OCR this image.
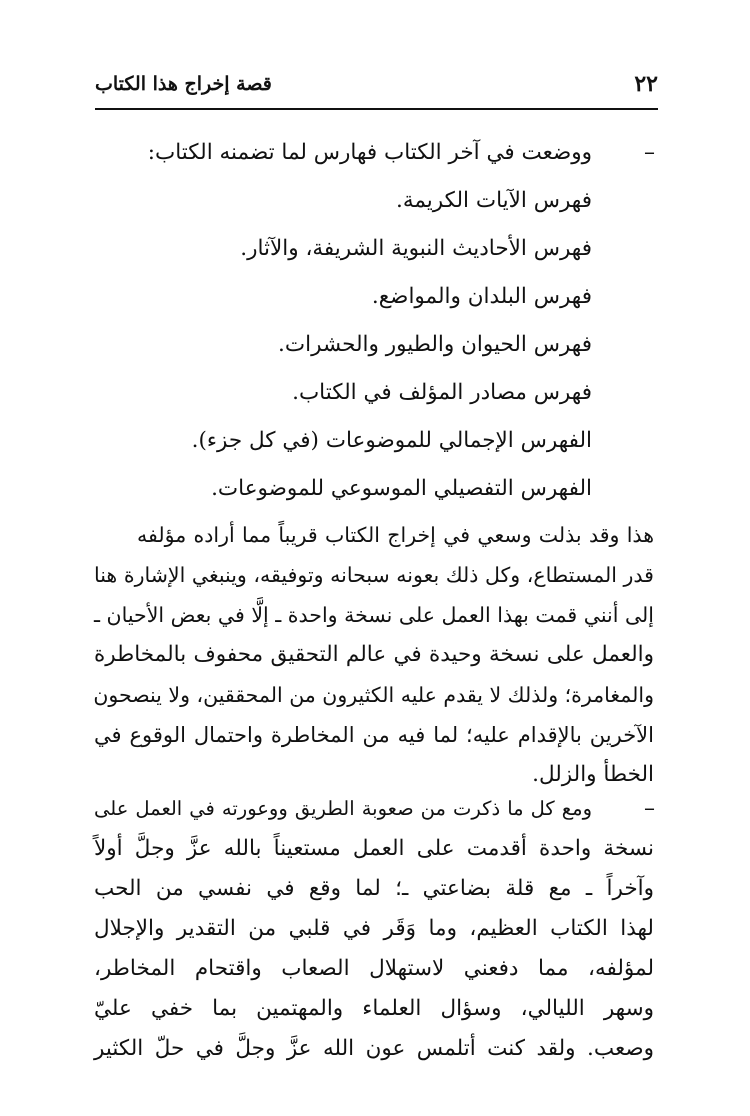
٢٢
قصة إخراج هذا الكتاب
–
ووضعت في آخر الكتاب فهارس لما تضمنه الكتاب:
فهرس الآيات الكريمة.
فهرس الأحاديث النبوية الشريفة، والآثار.
فهرس البلدان والمواضع.
فهرس الحيوان والطيور والحشرات.
فهرس مصادر المؤلف في الكتاب.
الفهرس الإجمالي للموضوعات (في كل جزء).
الفهرس التفصيلي الموسوعي للموضوعات.
هذا وقد بذلت وسعي في إخراج الكتاب قريباً مما أراده مؤلفه
قدر المستطاع، وكل ذلك بعونه سبحانه وتوفيقه، وينبغي الإشارة هنا
إلى أنني قمت بهذا العمل على نسخة واحدة ـ إلَّا في بعض الأحيان ـ
والعمل على نسخة وحيدة في عالم التحقيق محفوف بالمخاطرة
والمغامرة؛ ولذلك لا يقدم عليه الكثيرون من المحققين، ولا ينصحون
الآخرين بالإقدام عليه؛ لما فيه من المخاطرة واحتمال الوقوع في
الخطأ والزلل.
–
ومع كل ما ذكرت من صعوبة الطريق ووعورته في العمل على
نسخة واحدة أقدمت على العمل مستعيناً بالله عزَّ وجلَّ أولاً
وآخراً ـ مع قلة بضاعتي ـ؛ لما وقع في نفسي من الحب
لهذا الكتاب العظيم، وما وَقَر في قلبي من التقدير والإجلال
لمؤلفه، مما دفعني لاستهلال الصعاب واقتحام المخاطر،
وسهر الليالي، وسؤال العلماء والمهتمين بما خفي عليّ
وصعب. ولقد كنت أتلمس عون الله عزَّ وجلَّ في حلّ الكثير
